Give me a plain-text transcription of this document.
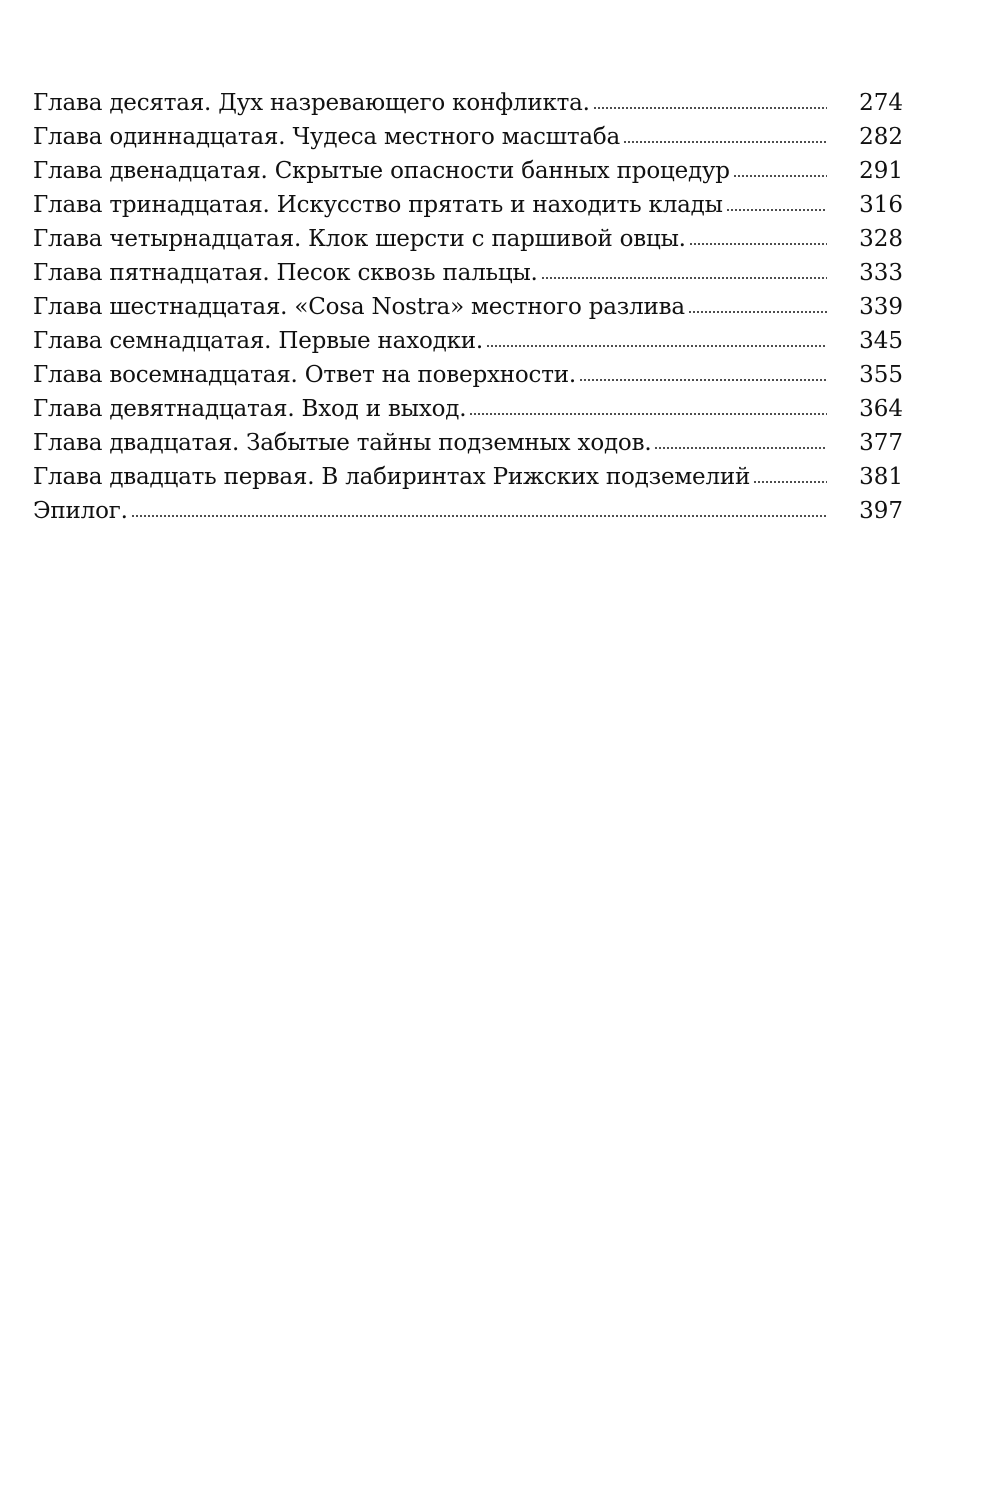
Глава десятая. Дух назревающего конфликта.	274
Глава одиннадцатая. Чудеса местного масштаба	282
Глава двенадцатая. Скрытые опасности банных процедур	291
Глава тринадцатая. Искусство прятать и находить клады	316
Глава четырнадцатая. Клок шерсти с паршивой овцы.	328
Глава пятнадцатая. Песок сквозь пальцы.	333
Глава шестнадцатая. «Cosa Nostra» местного разлива	339
Глава семнадцатая. Первые находки.	345
Глава восемнадцатая. Ответ на поверхности.	355
Глава девятнадцатая. Вход и выход.	364
Глава двадцатая. Забытые тайны подземных ходов.	377
Глава двадцать первая. В лабиринтах Рижских подземелий	381
Эпилог.	397
